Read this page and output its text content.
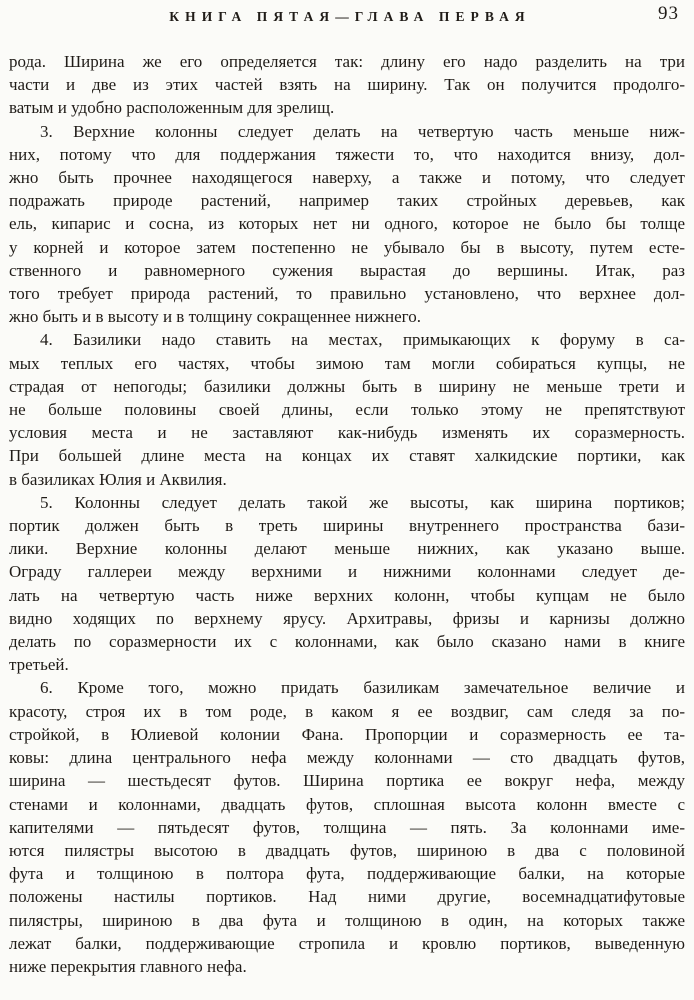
КНИГА ПЯТАЯ—ГЛАВА ПЕРВАЯ	93

рода. Ширина же его определяется так: длину его надо разделить на три
части и две из этих частей взять на ширину. Так он получится продолго-
ватым и удобно расположенным для зрелищ.

3. Верхние колонны следует делать на четвертую часть меньше ниж-
них, потому что для поддержания тяжести то, что находится внизу, дол-
жно быть прочнее находящегося наверху, а также и потому, что следует
подражать природе растений, например таких стройных деревьев, как
ель, кипарис и сосна, из которых нет ни одного, которое не было бы толще
у корней и которое затем постепенно не убывало бы в высоту, путем есте-
ственного и равномерного сужения вырастая до вершины. Итак, раз
того требует природа растений, то правильно установлено, что верхнее дол-
жно быть и в высоту и в толщину сокращеннее нижнего.

4. Базилики надо ставить на местах, примыкающих к форуму в са-
мых теплых его частях, чтобы зимою там могли собираться купцы, не
страдая от непогоды; базилики должны быть в ширину не меньше трети и
не больше половины своей длины, если только этому не препятствуют
условия места и не заставляют как-нибудь изменять их соразмерность.
При большей длине места на концах их ставят халкидские портики, как
в базиликах Юлия и Аквилия.

5. Колонны следует делать такой же высоты, как ширина портиков;
портик должен быть в треть ширины внутреннего пространства бази-
лики. Верхние колонны делают меньше нижних, как указано выше.
Ограду галлереи между верхними и нижними колоннами следует де-
лать на четвертую часть ниже верхних колонн, чтобы купцам не было
видно ходящих по верхнему ярусу. Архитравы, фризы и карнизы должно
делать по соразмерности их с колоннами, как было сказано нами в книге
третьей.

6. Кроме того, можно придать базиликам замечательное величие и
красоту, строя их в том роде, в каком я ее воздвиг, сам следя за по-
стройкой, в Юлиевой колонии Фана. Пропорции и соразмерность ее та-
ковы: длина центрального нефа между колоннами — сто двадцать футов,
ширина — шестьдесят футов. Ширина портика ее вокруг нефа, между
стенами и колоннами, двадцать футов, сплошная высота колонн вместе с
капителями — пятьдесят футов, толщина — пять. За колоннами име-
ются пилястры высотою в двадцать футов, шириною в два с половиной
фута и толщиною в полтора фута, поддерживающие балки, на которые
положены настилы портиков. Над ними другие, восемнадцатифутовые
пилястры, шириною в два фута и толщиною в один, на которых также
лежат балки, поддерживающие стропила и кровлю портиков, выведенную
ниже перекрытия главного нефа.
